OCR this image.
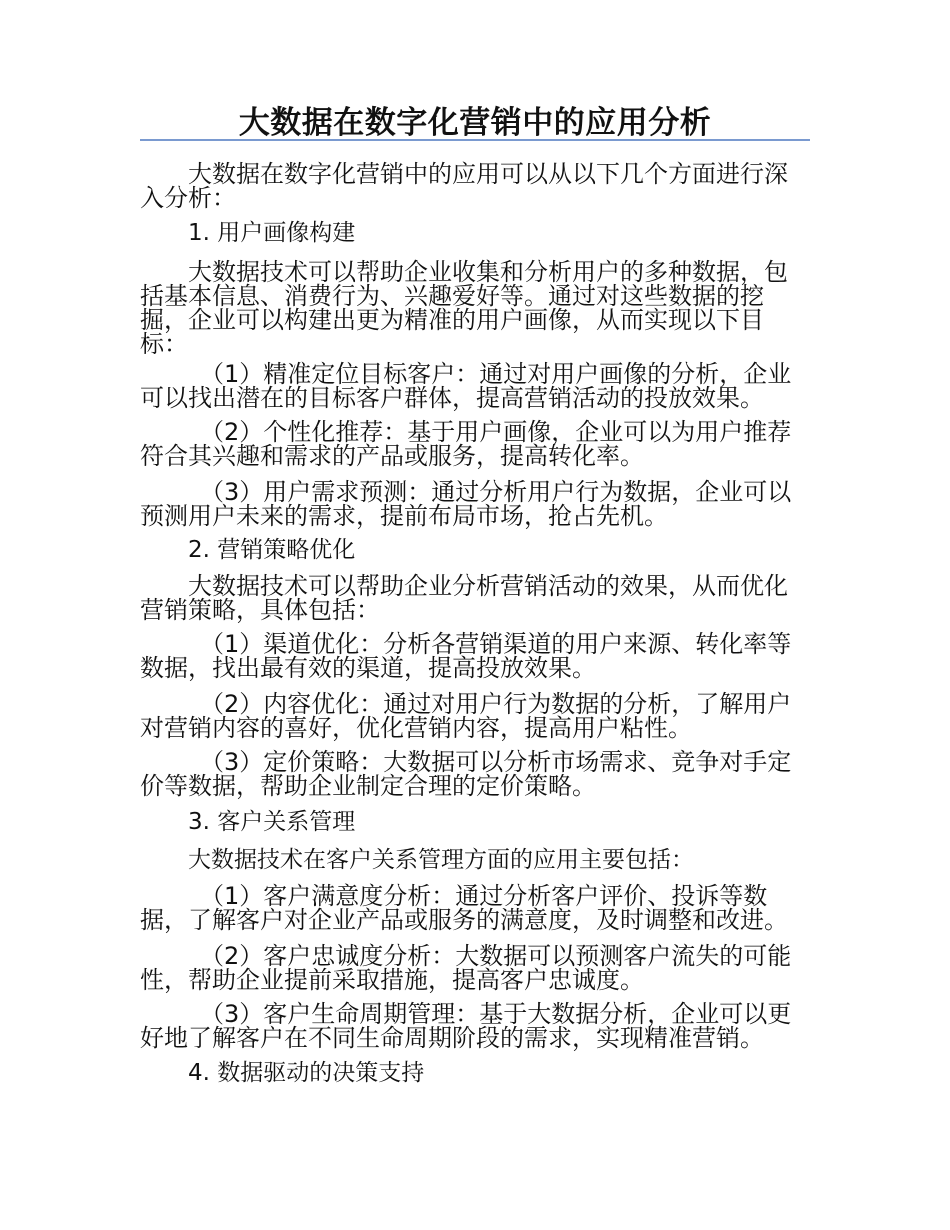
大数据在数字化营销中的应用分析

大数据在数字化营销中的应用可以从以下几个方面进行深入分析：

1. 用户画像构建

大数据技术可以帮助企业收集和分析用户的多种数据，包括基本信息、消费行为、兴趣爱好等。通过对这些数据的挖掘，企业可以构建出更为精准的用户画像，从而实现以下目标：

（1）精准定位目标客户：通过对用户画像的分析，企业可以找出潜在的目标客户群体，提高营销活动的投放效果。

（2）个性化推荐：基于用户画像，企业可以为用户推荐符合其兴趣和需求的产品或服务，提高转化率。

（3）用户需求预测：通过分析用户行为数据，企业可以预测用户未来的需求，提前布局市场，抢占先机。

2. 营销策略优化

大数据技术可以帮助企业分析营销活动的效果，从而优化营销策略，具体包括：

（1）渠道优化：分析各营销渠道的用户来源、转化率等数据，找出最有效的渠道，提高投放效果。

（2）内容优化：通过对用户行为数据的分析，了解用户对营销内容的喜好，优化营销内容，提高用户粘性。

（3）定价策略：大数据可以分析市场需求、竞争对手定价等数据，帮助企业制定合理的定价策略。

3. 客户关系管理

大数据技术在客户关系管理方面的应用主要包括：

（1）客户满意度分析：通过分析客户评价、投诉等数据，了解客户对企业产品或服务的满意度，及时调整和改进。

（2）客户忠诚度分析：大数据可以预测客户流失的可能性，帮助企业提前采取措施，提高客户忠诚度。

（3）客户生命周期管理：基于大数据分析，企业可以更好地了解客户在不同生命周期阶段的需求，实现精准营销。

4. 数据驱动的决策支持
